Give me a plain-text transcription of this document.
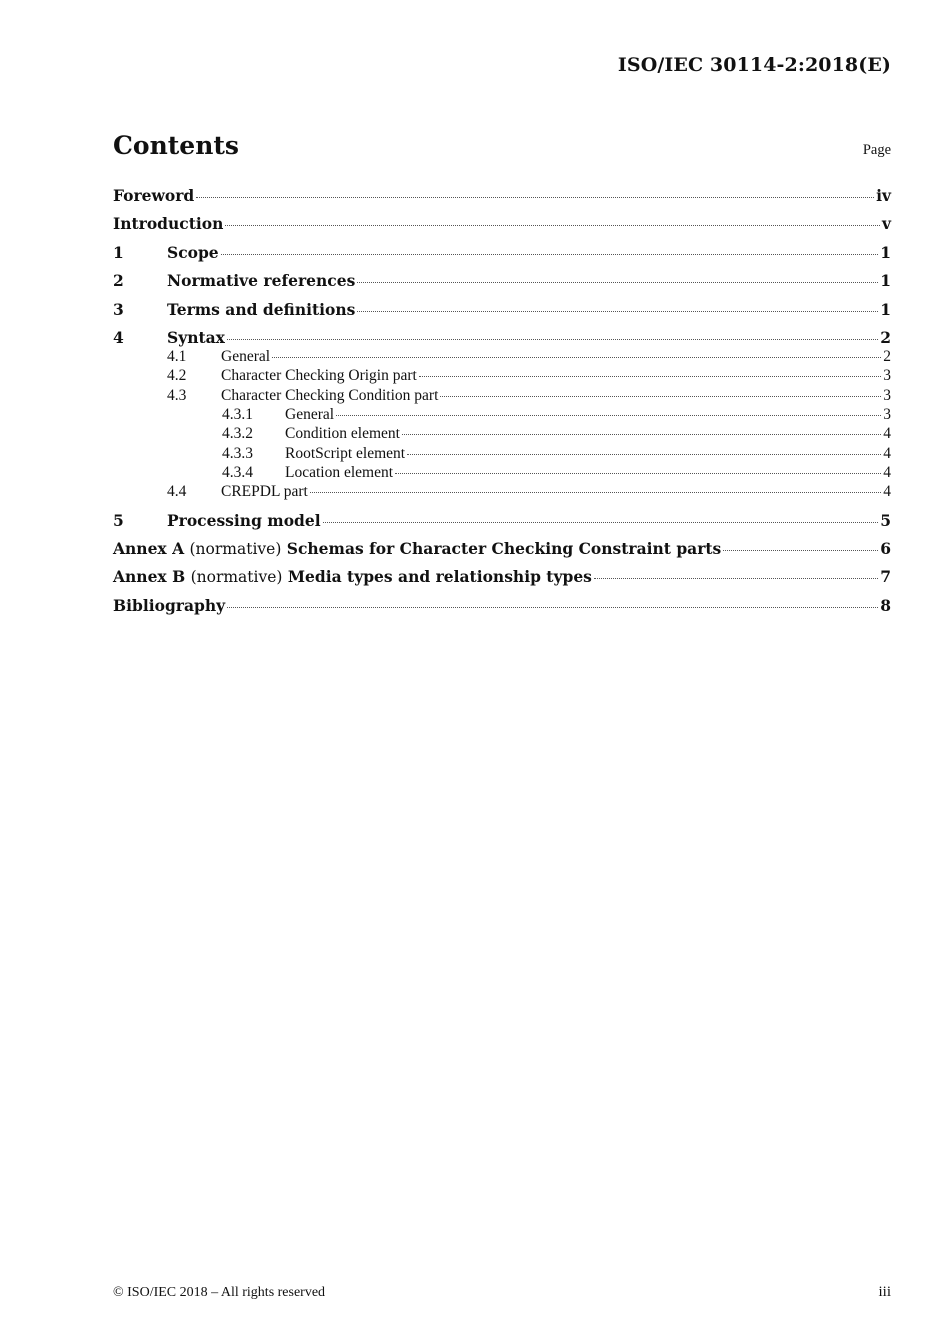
ISO/IEC 30114-2:2018(E)
Contents	Page
Foreword	iv
Introduction	v
1	Scope	1
2	Normative references	1
3	Terms and definitions	1
4	Syntax	2
4.1	General	2
4.2	Character Checking Origin part	3
4.3	Character Checking Condition part	3
4.3.1	General	3
4.3.2	Condition element	4
4.3.3	RootScript element	4
4.3.4	Location element	4
4.4	CREPDL part	4
5	Processing model	5
Annex A (normative) Schemas for Character Checking Constraint parts	6
Annex B (normative) Media types and relationship types	7
Bibliography	8
© ISO/IEC 2018 – All rights reserved	iii
